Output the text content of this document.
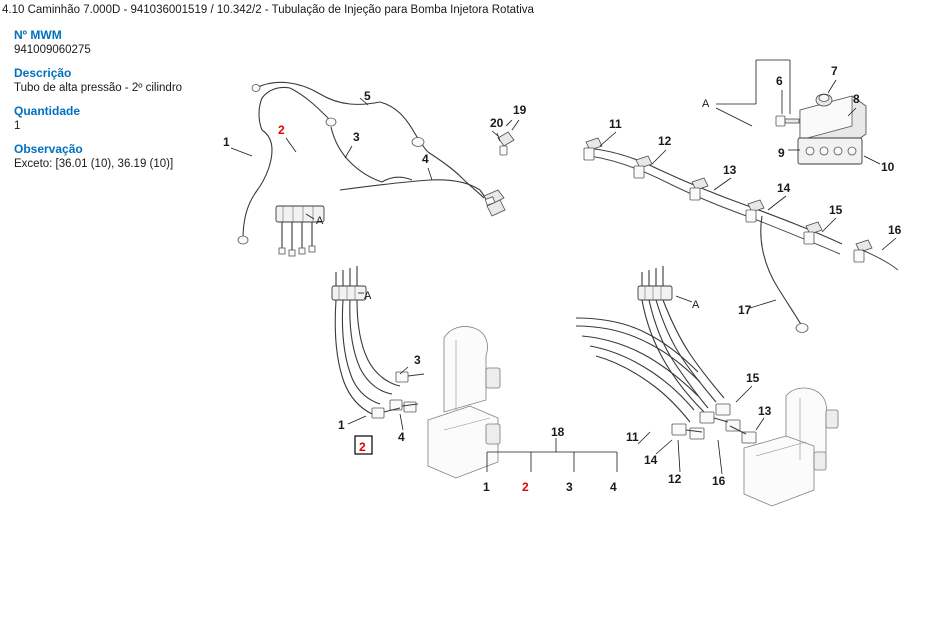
4.10 Caminhão 7.000D - 941036001519 / 10.342/2 - Tubulação de Injeção para Bomba Injetora Rotativa
Nº MWM
941009060275
Descrição
Tubo de alta pressão - 2º cilindro
Quantidade
1
Observação
Exceto: [36.01 (10), 36.19 (10)]
1
2	3
4
5
19
20
A
6
7
8
9
10
11
12
13
14
15
16
17
A
1
2
3
4
A
11
12
13
14
15
16
A
18
1	2	3	4
